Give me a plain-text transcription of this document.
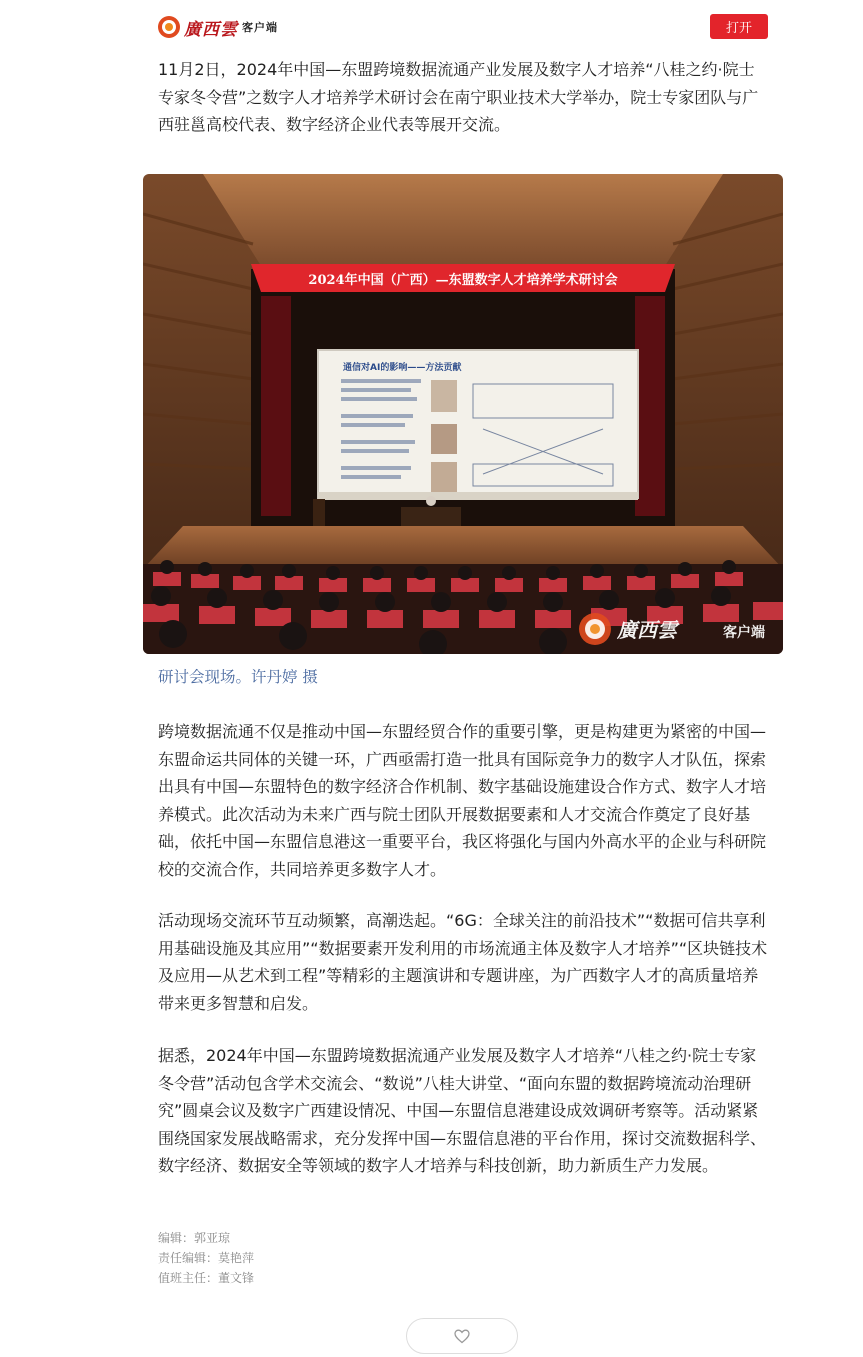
廣西雲 客户端	打开

11月2日，2024年中国—东盟跨境数据流通产业发展及数字人才培养“八桂之约·院士专家冬令营”之数字人才培养学术研讨会在南宁职业技术大学举办，院士专家团队与广西驻邕高校代表、数字经济企业代表等展开交流。

2024年中国（广西）—东盟数字人才培养学术研讨会
通信对AI的影响——方法贡献
廣西雲	客户端
研讨会现场。许丹婷 摄

跨境数据流通不仅是推动中国—东盟经贸合作的重要引擎，更是构建更为紧密的中国—东盟命运共同体的关键一环，广西亟需打造一批具有国际竞争力的数字人才队伍，探索出具有中国—东盟特色的数字经济合作机制、数字基础设施建设合作方式、数字人才培养模式。此次活动为未来广西与院士团队开展数据要素和人才交流合作奠定了良好基础，依托中国—东盟信息港这一重要平台，我区将强化与国内外高水平的企业与科研院校的交流合作，共同培养更多数字人才。

活动现场交流环节互动频繁，高潮迭起。“6G：全球关注的前沿技术”“数据可信共享利用基础设施及其应用”“数据要素开发利用的市场流通主体及数字人才培养”“区块链技术及应用—从艺术到工程”等精彩的主题演讲和专题讲座，为广西数字人才的高质量培养带来更多智慧和启发。

据悉，2024年中国—东盟跨境数据流通产业发展及数字人才培养“八桂之约·院士专家冬令营”活动包含学术交流会、“数说”八桂大讲堂、“面向东盟的数据跨境流动治理研究”圆桌会议及数字广西建设情况、中国—东盟信息港建设成效调研考察等。活动紧紧围绕国家发展战略需求，充分发挥中国—东盟信息港的平台作用，探讨交流数据科学、数字经济、数据安全等领域的数字人才培养与科技创新，助力新质生产力发展。

编辑：郭亚琼
责任编辑：莫艳萍
值班主任：董文锋
